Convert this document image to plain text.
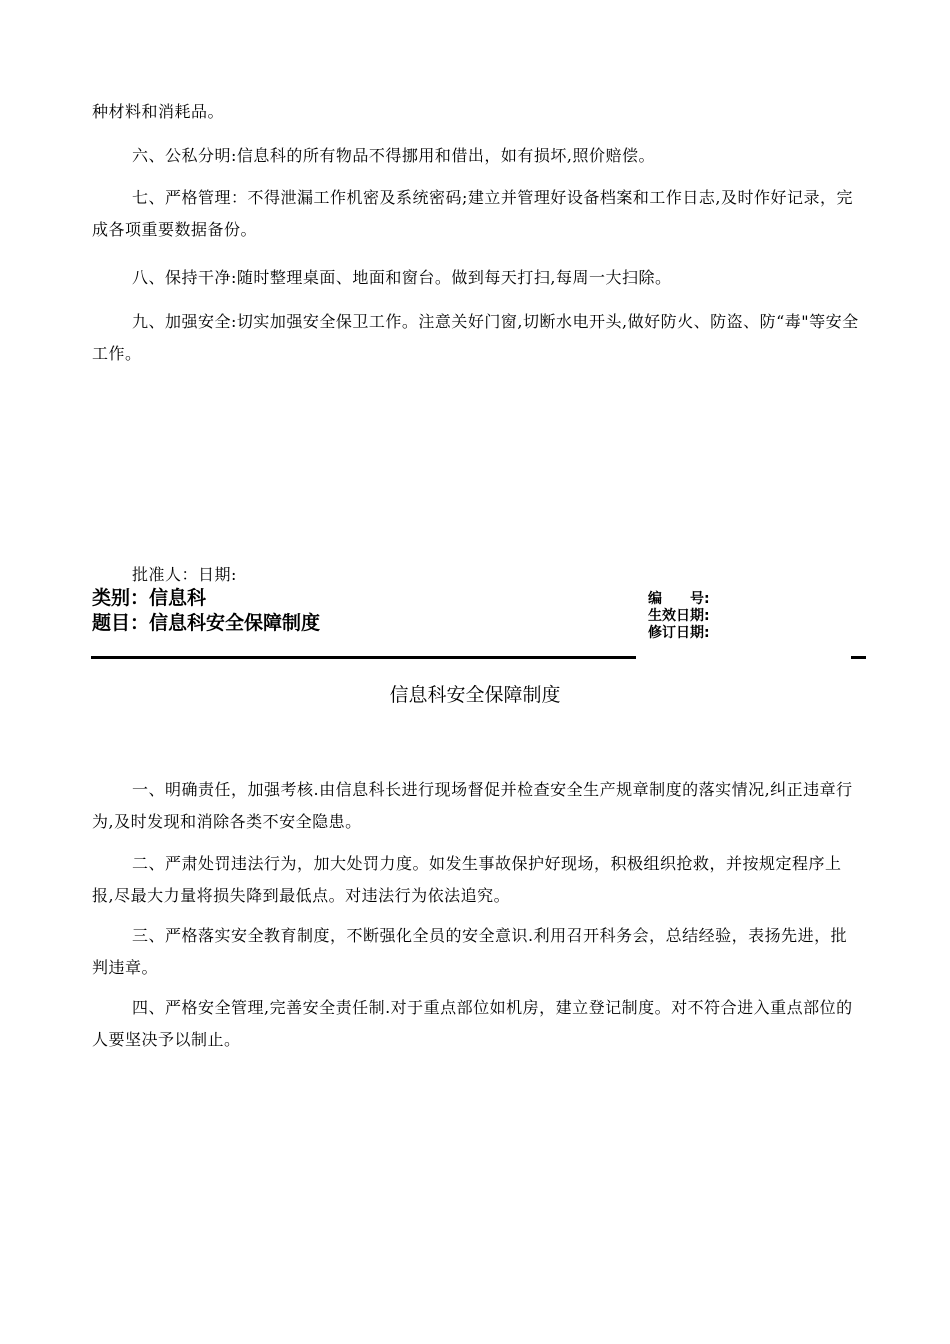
种材料和消耗品。

六、公私分明:信息科的所有物品不得挪用和借出，如有损坏,照价赔偿。

七、严格管理：不得泄漏工作机密及系统密码;建立并管理好设备档案和工作日志,及时作好记录，完成各项重要数据备份。

八、保持干净:随时整理桌面、地面和窗台。做到每天打扫,每周一大扫除。

九、加强安全:切实加强安全保卫工作。注意关好门窗,切断水电开头,做好防火、防盗、防“毒"等安全工作。

批准人：日期:
类别：信息科
题目：信息科安全保障制度
编　　号:
生效日期:
修订日期:
信息科安全保障制度

一、明确责任，加强考核.由信息科长进行现场督促并检查安全生产规章制度的落实情况,纠正违章行为,及时发现和消除各类不安全隐患。

二、严肃处罚违法行为，加大处罚力度。如发生事故保护好现场，积极组织抢救，并按规定程序上报,尽最大力量将损失降到最低点。对违法行为依法追究。

三、严格落实安全教育制度，不断强化全员的安全意识.利用召开科务会，总结经验，表扬先进，批判违章。

四、严格安全管理,完善安全责任制.对于重点部位如机房，建立登记制度。对不符合进入重点部位的人要坚决予以制止。
